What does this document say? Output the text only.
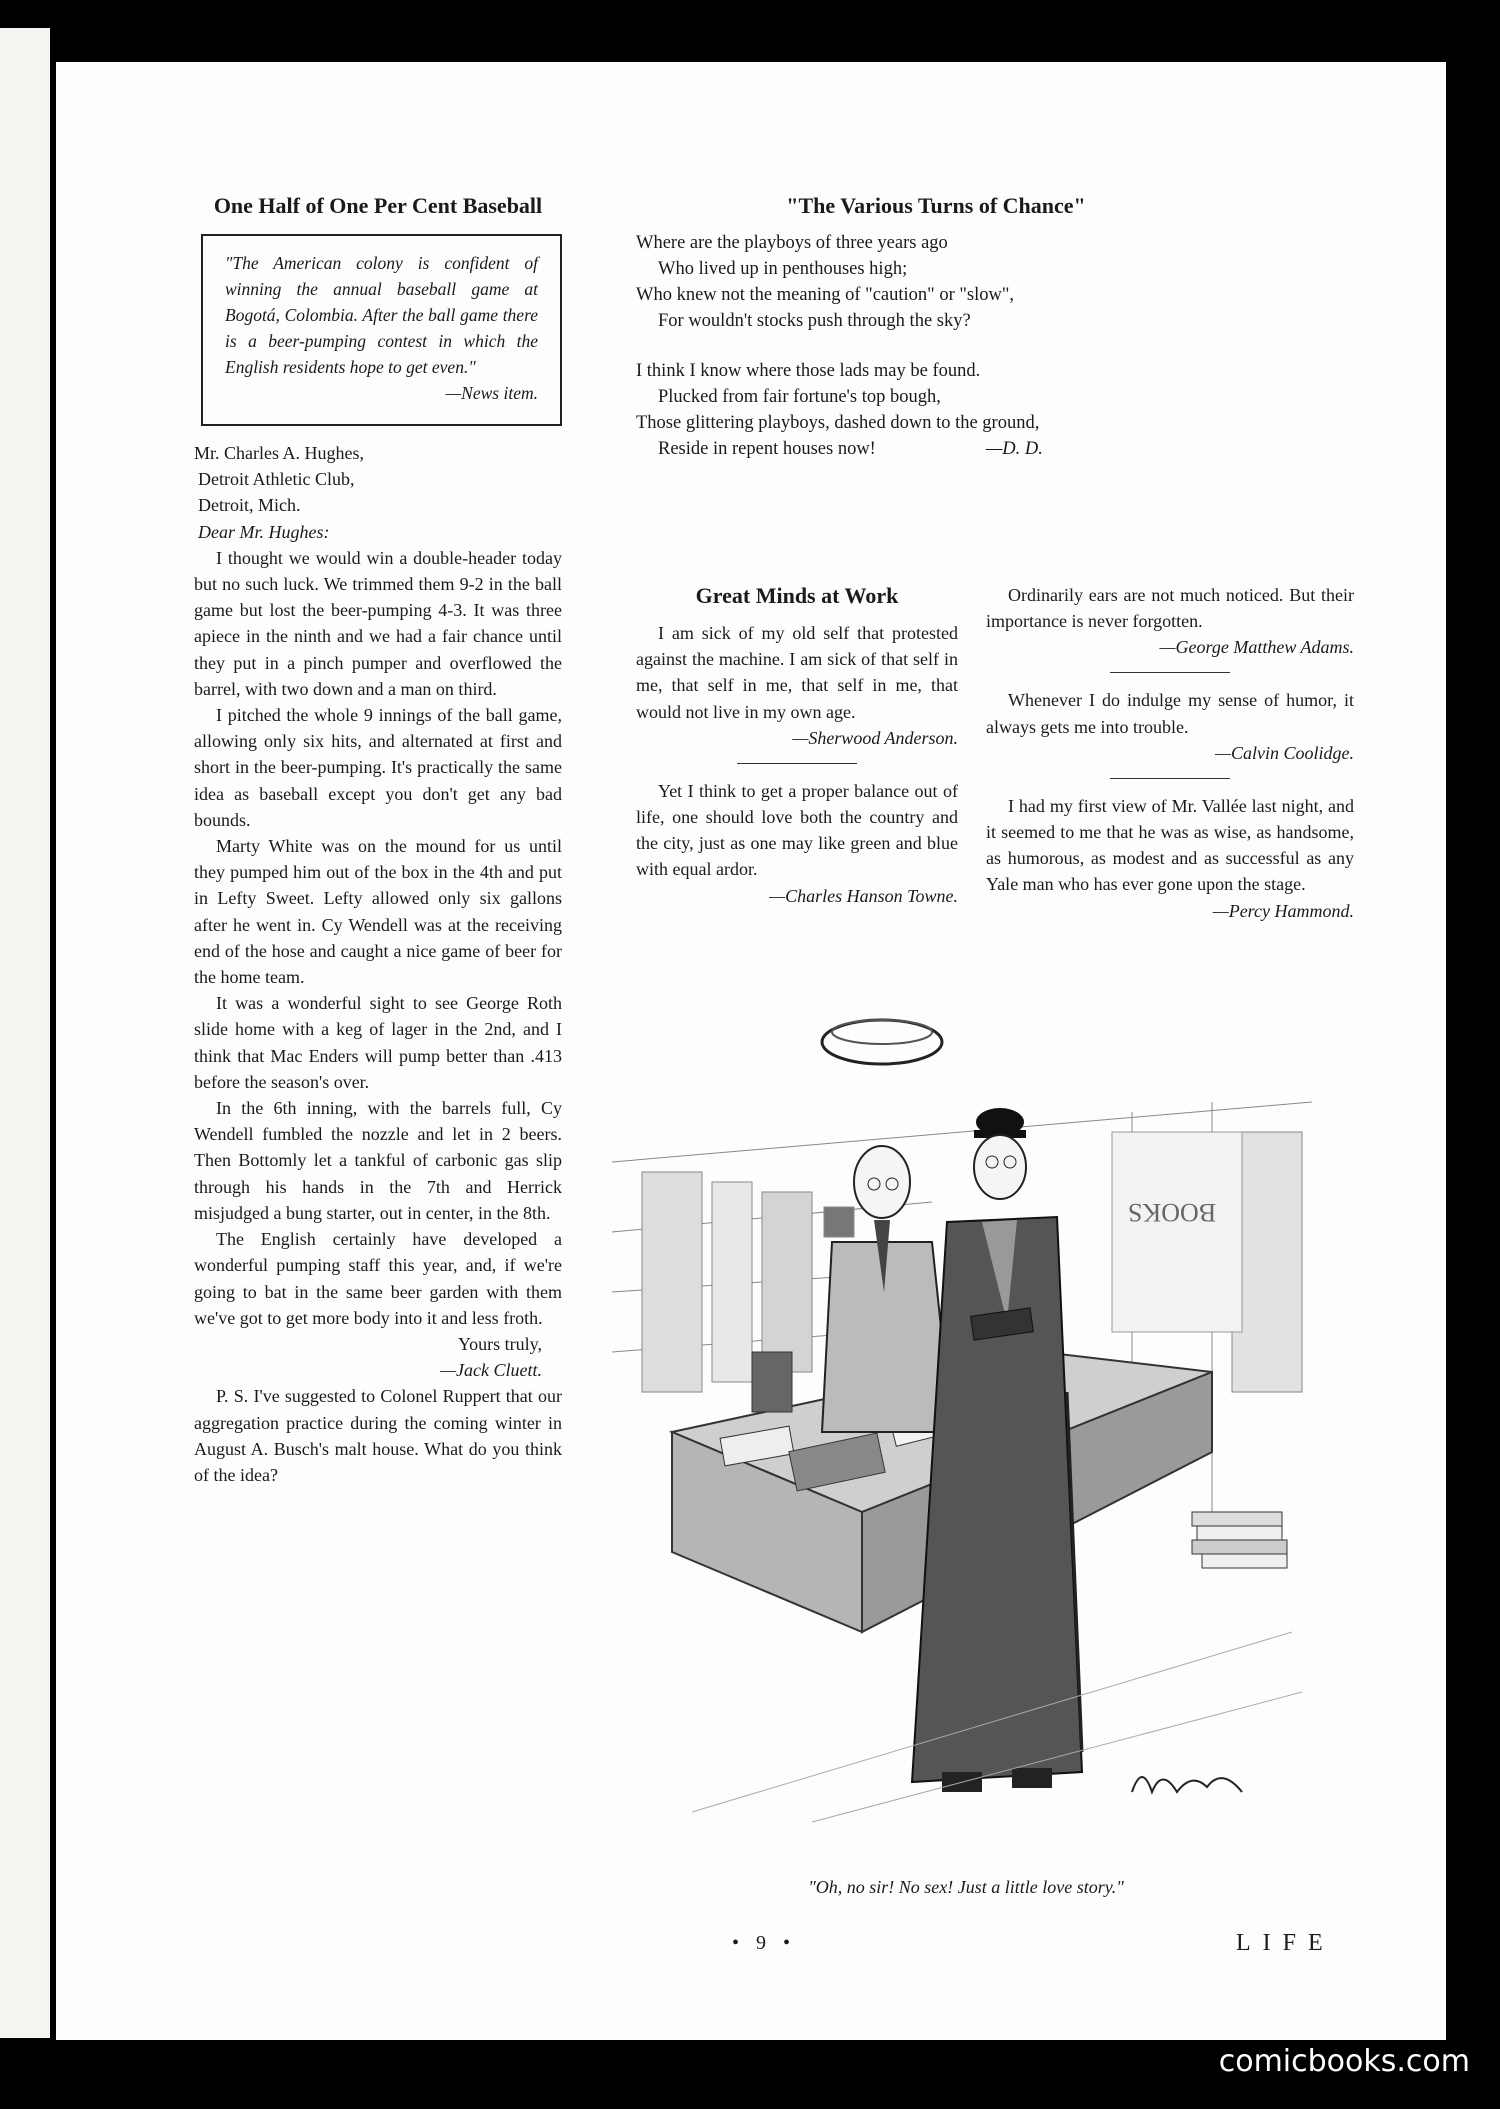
One Half of One Per Cent Baseball
"The American colony is confident of winning the annual baseball game at Bogotá, Colombia. After the ball game there is a beer-pumping contest in which the English residents hope to get even."
—News item.
Mr. Charles A. Hughes,
Detroit Athletic Club,
Detroit, Mich.
Dear Mr. Hughes:

I thought we would win a double-header today but no such luck. We trimmed them 9-2 in the ball game but lost the beer-pumping 4-3. It was three apiece in the ninth and we had a fair chance until they put in a pinch pumper and overflowed the barrel, with two down and a man on third.

I pitched the whole 9 innings of the ball game, allowing only six hits, and alternated at first and short in the beer-pumping. It's practically the same idea as baseball except you don't get any bad bounds.

Marty White was on the mound for us until they pumped him out of the box in the 4th and put in Lefty Sweet. Lefty allowed only six gallons after he went in. Cy Wendell was at the receiving end of the hose and caught a nice game of beer for the home team.

It was a wonderful sight to see George Roth slide home with a keg of lager in the 2nd, and I think that Mac Enders will pump better than .413 before the season's over.

In the 6th inning, with the barrels full, Cy Wendell fumbled the nozzle and let in 2 beers. Then Bottomly let a tankful of carbonic gas slip through his hands in the 7th and Herrick misjudged a bung starter, out in center, in the 8th.

The English certainly have developed a wonderful pumping staff this year, and, if we're going to bat in the same beer garden with them we've got to get more body into it and less froth.

Yours truly,
—Jack Cluett.

P. S. I've suggested to Colonel Ruppert that our aggregation practice during the coming winter in August A. Busch's malt house. What do you think of the idea?

"The Various Turns of Chance"
Where are the playboys of three years ago
Who lived up in penthouses high;
Who knew not the meaning of "caution" or "slow",
For wouldn't stocks push through the sky?
I think I know where those lads may be found.
Plucked from fair fortune's top bough,
Those glittering playboys, dashed down to the ground,
Reside in repent houses now!	—D. D.
Great Minds at Work

I am sick of my old self that protested against the machine. I am sick of that self in me, that self in me, that self in me, that would not live in my own age.

—Sherwood Anderson.

Yet I think to get a proper balance out of life, one should love both the country and the city, just as one may like green and blue with equal ardor.

—Charles Hanson Towne.

Ordinarily ears are not much noticed. But their importance is never forgotten.

—George Matthew Adams.

Whenever I do indulge my sense of humor, it always gets me into trouble.

—Calvin Coolidge.

I had my first view of Mr. Vallée last night, and it seemed to me that he was as wise, as handsome, as humorous, as modest and as successful as any Yale man who has ever gone upon the stage.

—Percy Hammond.
BOOKS
"Oh, no sir! No sex! Just a little love story."
• 9 •	LIFE
comicbooks.com
